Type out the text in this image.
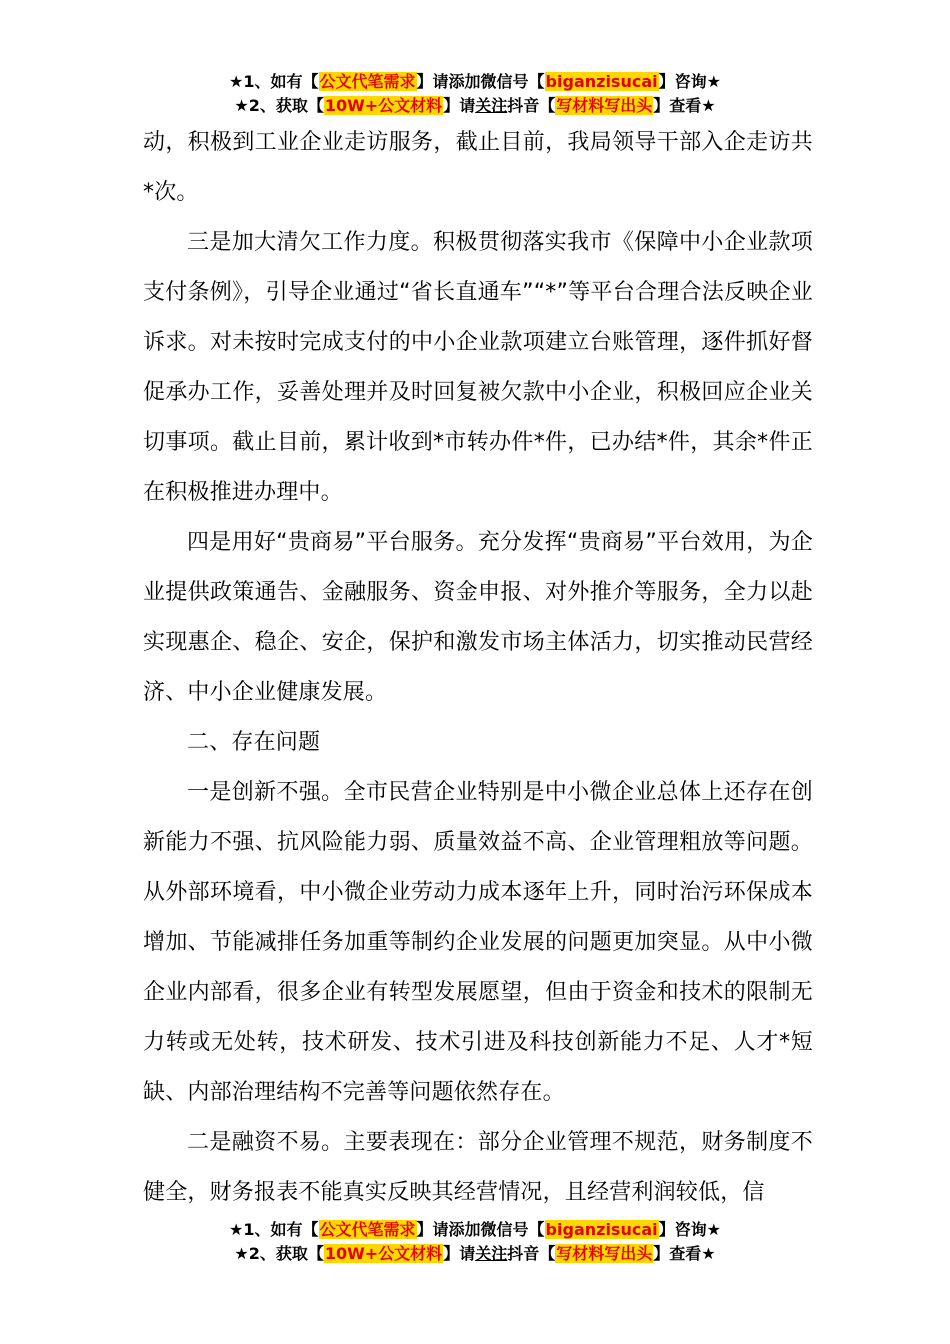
★1、如有【公文代笔需求】请添加微信号【biganzisucai】咨询★
★2、获取【10W+公文材料】请关注抖音【写材料写出头】查看★

动，积极到工业企业走访服务，截止目前，我局领导干部入企走访共*次。

三是加大清欠工作力度。积极贯彻落实我市《保障中小企业款项支付条例》，引导企业通过“省长直通车”“*”等平台合理合法反映企业诉求。对未按时完成支付的中小企业款项建立台账管理，逐件抓好督促承办工作，妥善处理并及时回复被欠款中小企业，积极回应企业关切事项。截止目前，累计收到*市转办件*件，已办结*件，其余*件正在积极推进办理中。

四是用好“贵商易”平台服务。充分发挥“贵商易”平台效用，为企业提供政策通告、金融服务、资金申报、对外推介等服务，全力以赴实现惠企、稳企、安企，保护和激发市场主体活力，切实推动民营经济、中小企业健康发展。

二、存在问题

一是创新不强。全市民营企业特别是中小微企业总体上还存在创新能力不强、抗风险能力弱、质量效益不高、企业管理粗放等问题。从外部环境看，中小微企业劳动力成本逐年上升，同时治污环保成本增加、节能减排任务加重等制约企业发展的问题更加突显。从中小微企业内部看，很多企业有转型发展愿望，但由于资金和技术的限制无力转或无处转，技术研发、技术引进及科技创新能力不足、人才*短缺、内部治理结构不完善等问题依然存在。

二是融资不易。主要表现在：部分企业管理不规范，财务制度不健全，财务报表不能真实反映其经营情况，且经营利润较低，信

★1、如有【公文代笔需求】请添加微信号【biganzisucai】咨询★
★2、获取【10W+公文材料】请关注抖音【写材料写出头】查看★
